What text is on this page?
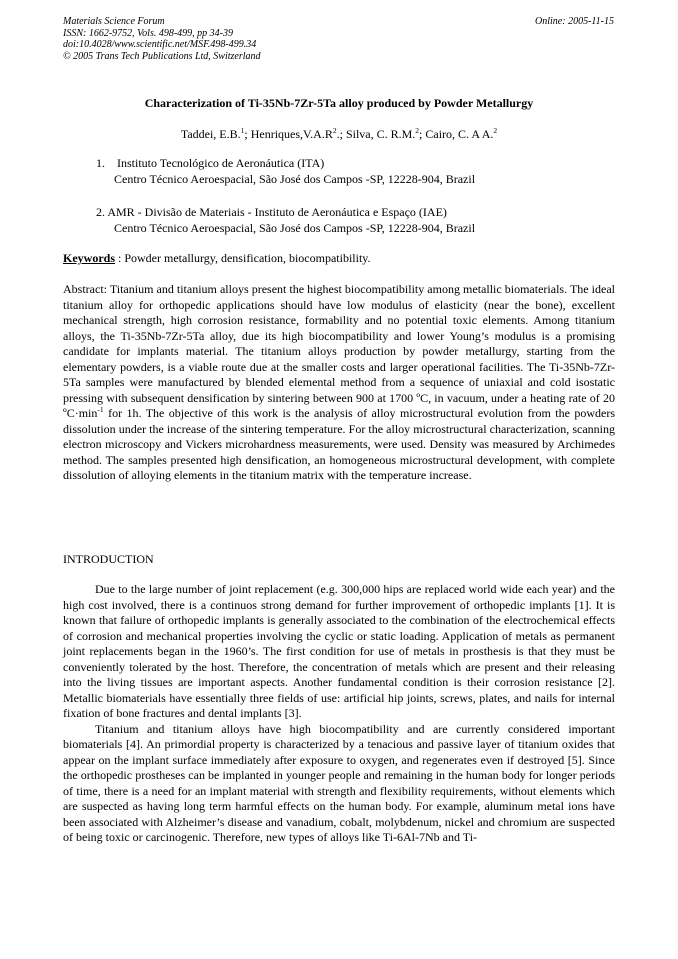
Materials Science Forum
ISSN: 1662-9752, Vols. 498-499, pp 34-39
doi:10.4028/www.scientific.net/MSF.498-499.34
© 2005 Trans Tech Publications Ltd, Switzerland
Online: 2005-11-15
Characterization of Ti-35Nb-7Zr-5Ta alloy produced by Powder Metallurgy
Taddei, E.B.$^1$; $Henriques,V.A.R^2$.; Silva, C. R.M.$^2$; Cairo, C. A A.$^2$
1. Instituto Tecnológico de Aeronáutica (ITA)
Centro Técnico Aeroespacial, São José dos Campos -SP, 12228-904, Brazil
2. AMR - Divisão de Materiais - Instituto de Aeronáutica e Espaço (IAE)
Centro Técnico Aeroespacial, São José dos Campos -SP, 12228-904, Brazil
Keywords : Powder metallurgy, densification, biocompatibility.

Abstract: Titanium and titanium alloys present the highest biocompatibility among metallic biomaterials. The ideal titanium alloy for orthopedic applications should have low modulus of elasticity (near the bone), excellent mechanical strength, high corrosion resistance, formability and no potential toxic elements. Among titanium alloys, the Ti-35Nb-7Zr-5Ta alloy, due its high biocompatibility and lower Young’s modulus is a promising candidate for implants material. The titanium alloys production by powder metallurgy, starting from the elementary powders, is a viable route due at the smaller costs and larger operational facilities. The Ti-35Nb-7Zr-5Ta samples were manufactured by blended elemental method from a sequence of uniaxial and cold isostatic pressing with subsequent densification by sintering between 900 at 1700 ºC, in vacuum, under a heating rate of 20 $ºC\cdot\min^{-1}$ for 1h. The objective of this work is the analysis of alloy microstructural evolution from the powders dissolution under the increase of the sintering temperature. For the alloy microstructural characterization, scanning electron microscopy and Vickers microhardness measurements, were used. Density was measured by Archimedes method. The samples presented high densification, an homogeneous microstructural development, with complete dissolution of alloying elements in the titanium matrix with the temperature increase.

INTRODUCTION

Due to the large number of joint replacement (e.g. 300,000 hips are replaced world wide each year) and the high cost involved, there is a continuos strong demand for further improvement of orthopedic implants [1]. It is known that failure of orthopedic implants is generally associated to the combination of the electrochemical effects of corrosion and mechanical properties involving the cyclic or static loading. Application of metals as permanent joint replacements began in the 1960’s. The first condition for use of metals in prosthesis is that they must be conveniently tolerated by the host. Therefore, the concentration of metals which are present and their releasing into the living tissues are important aspects. Another fundamental condition is their corrosion resistance [2]. Metallic biomaterials have essentially three fields of use: artificial hip joints, screws, plates, and nails for internal fixation of bone fractures and dental implants [3].

Titanium and titanium alloys have high biocompatibility and are currently considered important biomaterials [4]. An primordial property is characterized by a tenacious and passive layer of titanium oxides that appear on the implant surface immediately after exposure to oxygen, and regenerates even if destroyed [5]. Since the orthopedic prostheses can be implanted in younger people and remaining in the human body for longer periods of time, there is a need for an implant material with strength and flexibility requirements, without elements which are suspected as having long term harmful effects on the human body. For example, aluminum metal ions have been associated with Alzheimer’s disease and vanadium, cobalt, molybdenum, nickel and chromium are suspected of being toxic or carcinogenic. Therefore, new types of alloys like Ti-6Al-7Nb and Ti-
